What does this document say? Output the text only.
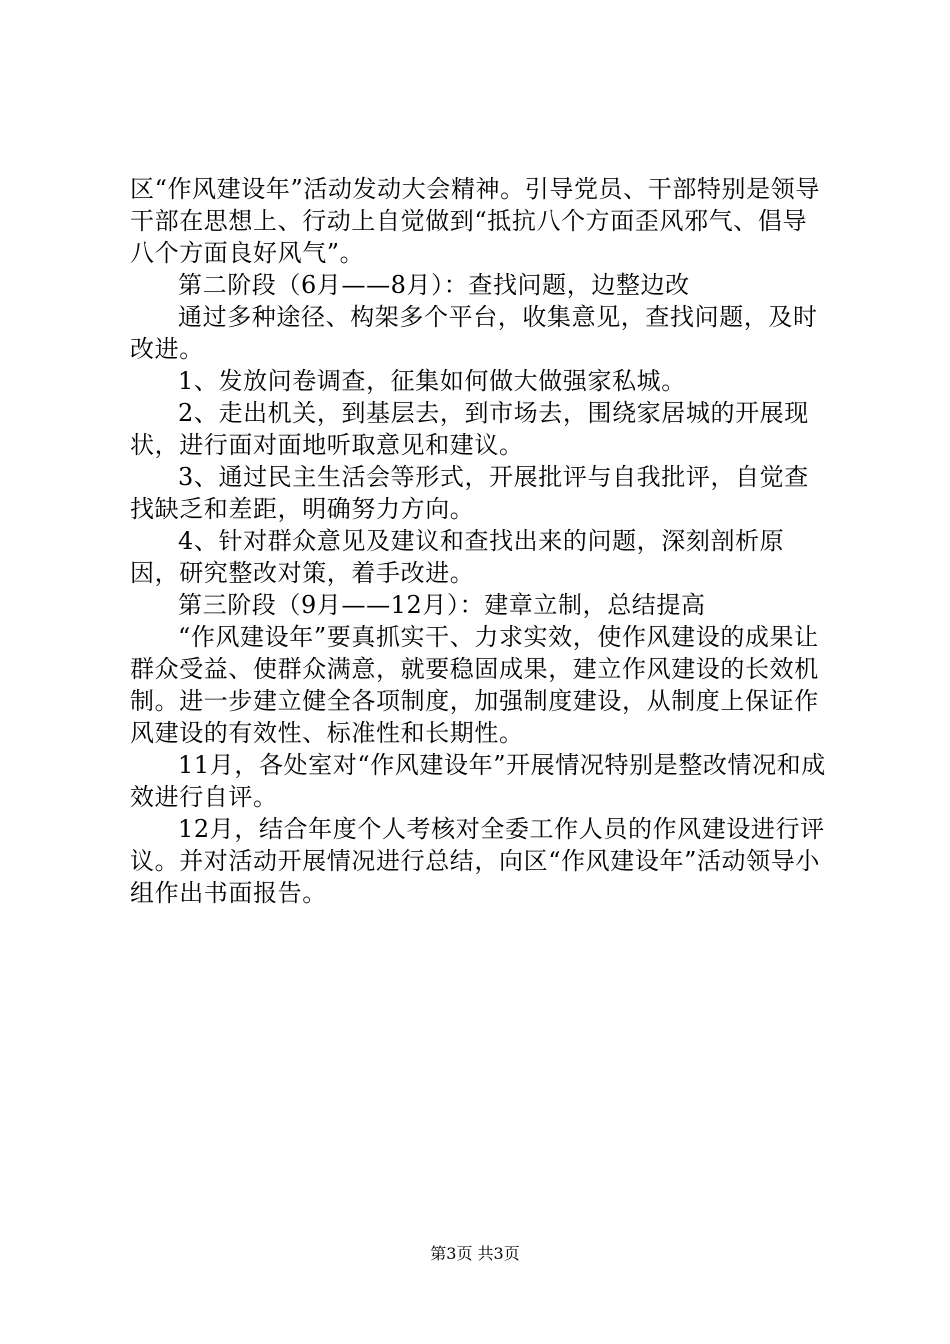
区“作风建设年”活动发动大会精神。引导党员、干部特别是领导干部在思想上、行动上自觉做到“抵抗八个方面歪风邪气、倡导八个方面良好风气”。

第二阶段（6月——8月）：查找问题，边整边改

通过多种途径、构架多个平台，收集意见，查找问题，及时改进。

1、发放问卷调查，征集如何做大做强家私城。

2、走出机关，到基层去，到市场去，围绕家居城的开展现状，进行面对面地听取意见和建议。

3、通过民主生活会等形式，开展批评与自我批评，自觉查找缺乏和差距，明确努力方向。

4、针对群众意见及建议和查找出来的问题，深刻剖析原因，研究整改对策，着手改进。

第三阶段（9月——12月）：建章立制，总结提高

“作风建设年”要真抓实干、力求实效，使作风建设的成果让群众受益、使群众满意，就要稳固成果，建立作风建设的长效机制。进一步建立健全各项制度，加强制度建设，从制度上保证作风建设的有效性、标准性和长期性。

11月，各处室对“作风建设年”开展情况特别是整改情况和成效进行自评。

12月，结合年度个人考核对全委工作人员的作风建设进行评议。并对活动开展情况进行总结，向区“作风建设年”活动领导小组作出书面报告。

第3页 共3页
